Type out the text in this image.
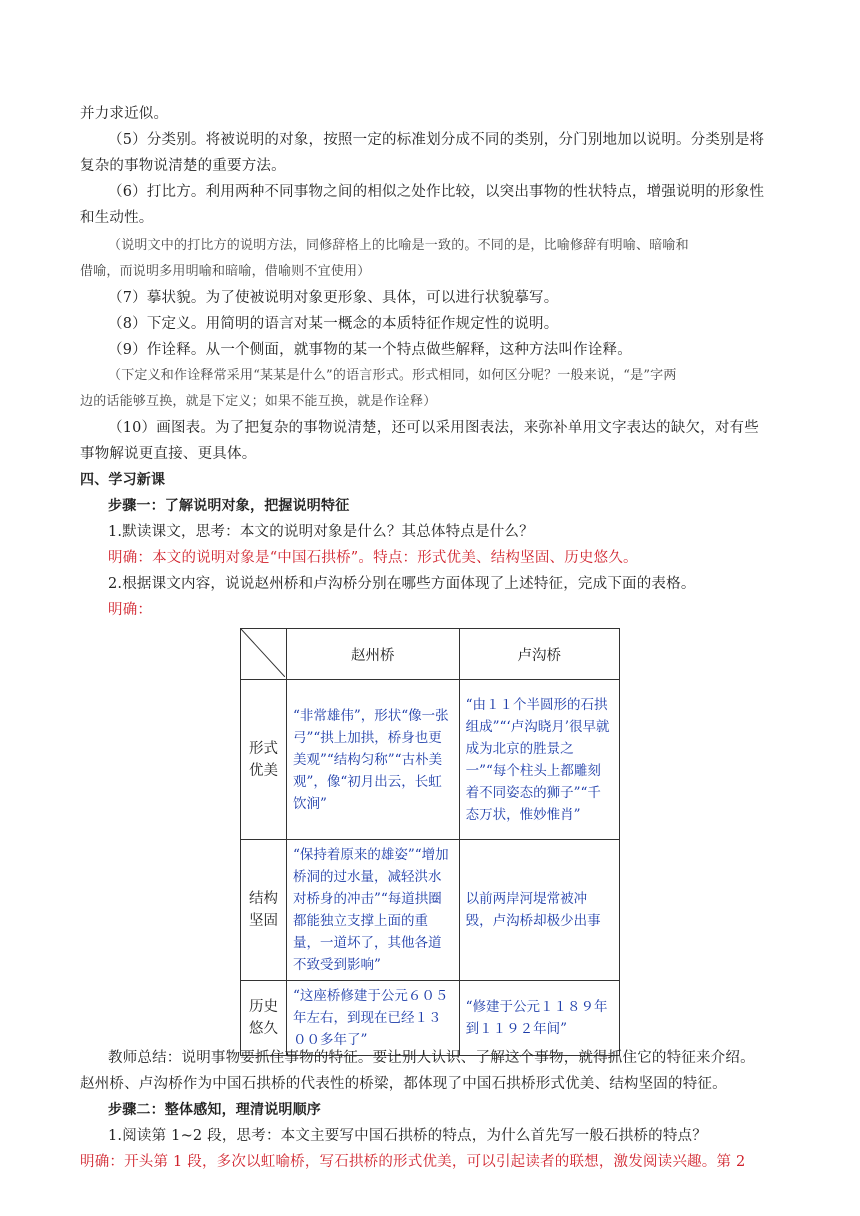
并力求近似。
（5）分类别。将被说明的对象，按照一定的标准划分成不同的类别，分门别地加以说明。分类别是将
复杂的事物说清楚的重要方法。
（6）打比方。利用两种不同事物之间的相似之处作比较，以突出事物的性状特点，增强说明的形象性
和生动性。
（说明文中的打比方的说明方法，同修辞格上的比喻是一致的。不同的是，比喻修辞有明喻、暗喻和
借喻，而说明多用明喻和暗喻，借喻则不宜使用）
（7）摹状貌。为了使被说明对象更形象、具体，可以进行状貌摹写。
（8）下定义。用简明的语言对某一概念的本质特征作规定性的说明。
（9）作诠释。从一个侧面，就事物的某一个特点做些解释，这种方法叫作诠释。
（下定义和作诠释常采用“某某是什么”的语言形式。形式相同，如何区分呢？一般来说，“是”字两
边的话能够互换，就是下定义；如果不能互换，就是作诠释）
（10）画图表。为了把复杂的事物说清楚，还可以采用图表法，来弥补单用文字表达的缺欠，对有些
事物解说更直接、更具体。
四、学习新课
步骤一：了解说明对象，把握说明特征
1.默读课文，思考：本文的说明对象是什么？其总体特点是什么？
明确：本文的说明对象是“中国石拱桥”。特点：形式优美、结构坚固、历史悠久。
2.根据课文内容，说说赵州桥和卢沟桥分别在哪些方面体现了上述特征，完成下面的表格。
明确：
	赵州桥	卢沟桥
形式
优美	“非常雄伟”，形状“像一张弓”“拱上加拱，桥身也更美观”“结构匀称”“古朴美观”，像“初月出云，长虹饮涧”	“由１１个半圆形的石拱组成”“‘卢沟晓月’很早就成为北京的胜景之一”“每个柱头上都雕刻着不同姿态的狮子”“千态万状，惟妙惟肖”
结构
坚固	“保持着原来的雄姿”“增加桥洞的过水量，减轻洪水对桥身的冲击”“每道拱圈都能独立支撑上面的重量，一道坏了，其他各道不致受到影响”	以前两岸河堤常被冲毁，卢沟桥却极少出事
历史
悠久	“这座桥修建于公元６０５年左右，到现在已经１３００多年了”	“修建于公元１１８９年到１１９２年间”
教师总结：说明事物要抓住事物的特征。要让别人认识、了解这个事物，就得抓住它的特征来介绍。
赵州桥、卢沟桥作为中国石拱桥的代表性的桥梁，都体现了中国石拱桥形式优美、结构坚固的特征。
步骤二：整体感知，理清说明顺序
1.阅读第 1~2 段，思考：本文主要写中国石拱桥的特点，为什么首先写一般石拱桥的特点？
明确：开头第 1 段，多次以虹喻桥，写石拱桥的形式优美，可以引起读者的联想，激发阅读兴趣。第 2
